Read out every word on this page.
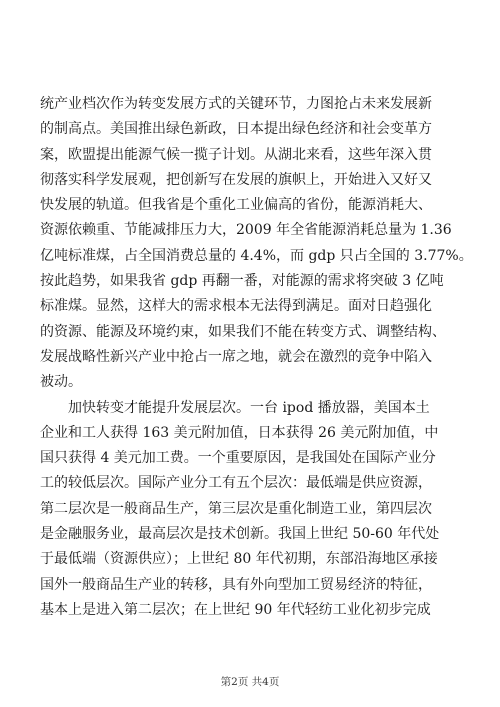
统产业档次作为转变发展方式的关键环节，力图抢占未来发展新
的制高点。美国推出绿色新政，日本提出绿色经济和社会变革方
案，欧盟提出能源气候一揽子计划。从湖北来看，这些年深入贯
彻落实科学发展观，把创新写在发展的旗帜上，开始进入又好又
快发展的轨道。但我省是个重化工业偏高的省份，能源消耗大、
资源依赖重、节能减排压力大，2009 年全省能源消耗总量为 1.36
亿吨标准煤，占全国消费总量的 4.4%，而 gdp 只占全国的 3.77%。
按此趋势，如果我省 gdp 再翻一番，对能源的需求将突破 3 亿吨
标准煤。显然，这样大的需求根本无法得到满足。面对日趋强化
的资源、能源及环境约束，如果我们不能在转变方式、调整结构、
发展战略性新兴产业中抢占一席之地，就会在激烈的竞争中陷入
被动。
加快转变才能提升发展层次。一台 ipod 播放器，美国本土
企业和工人获得 163 美元附加值，日本获得 26 美元附加值，中
国只获得 4 美元加工费。一个重要原因，是我国处在国际产业分
工的较低层次。国际产业分工有五个层次：最低端是供应资源，
第二层次是一般商品生产，第三层次是重化制造工业，第四层次
是金融服务业，最高层次是技术创新。我国上世纪 50-60 年代处
于最低端（资源供应）；上世纪 80 年代初期，东部沿海地区承接
国外一般商品生产业的转移，具有外向型加工贸易经济的特征，
基本上是进入第二层次；在上世纪 90 年代轻纺工业化初步完成
第2页 共4页
